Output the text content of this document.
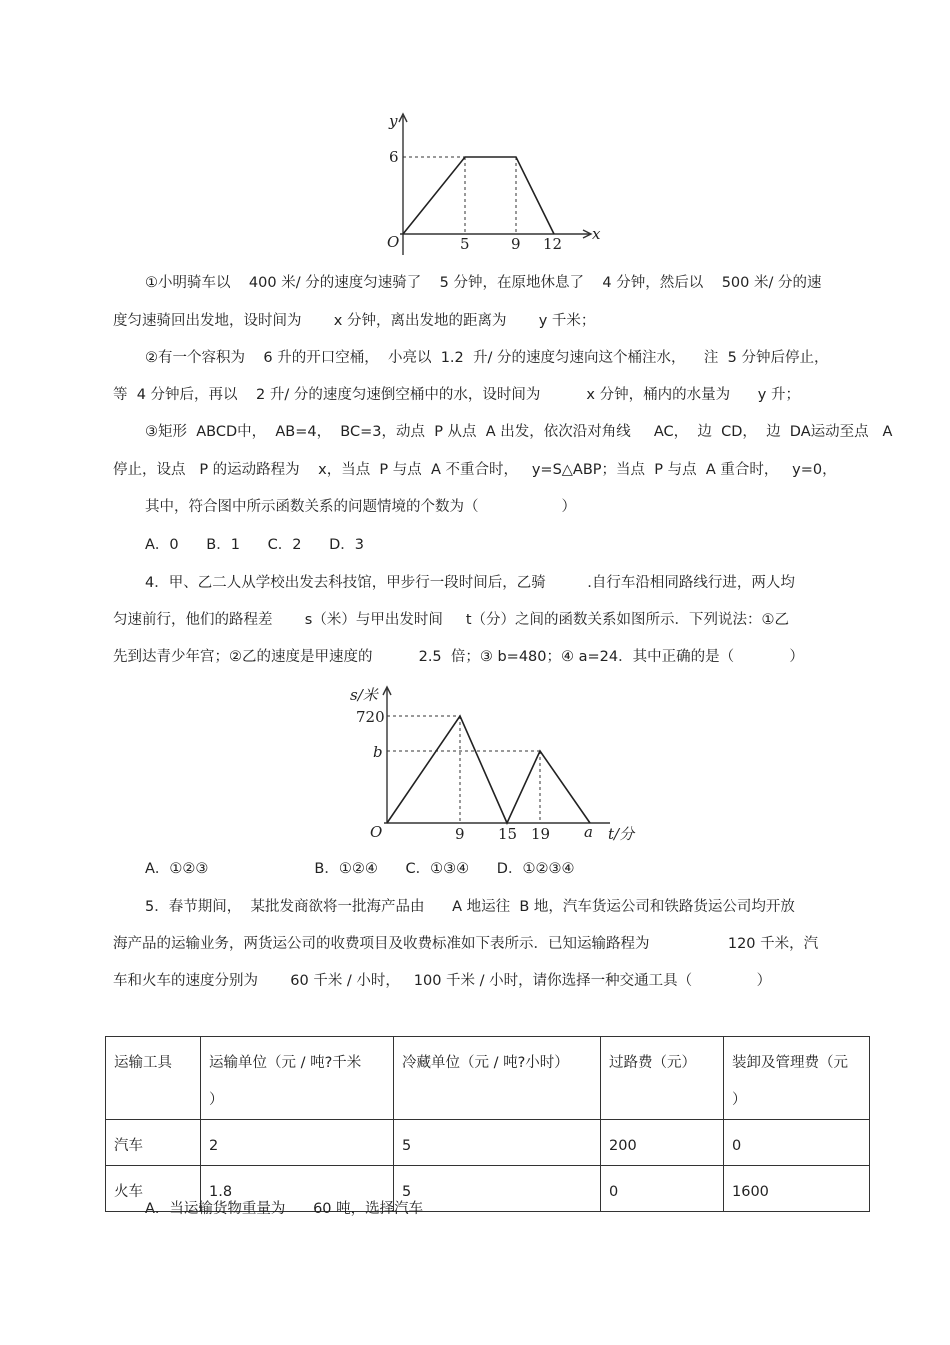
y
x
O
6
5	9 12
①小明骑车以    400 米/ 分的速度匀速骑了    5 分钟，在原地休息了    4 分钟，然后以    500 米/ 分的速
度匀速骑回出发地，设时间为       x 分钟，离出发地的距离为       y 千米；
②有一个容积为    6 升的开口空桶，  小亮以  1.2  升/ 分的速度匀速向这个桶注水，    注  5 分钟后停止，
等  4 分钟后，再以    2 升/ 分的速度匀速倒空桶中的水，设时间为          x 分钟，桶内的水量为      y 升；
③矩形  ABCD中，  AB=4，  BC=3，动点  P 从点  A 出发，依次沿对角线     AC，  边  CD，  边  DA运动至点   A
停止，设点   P 的运动路程为    x，当点  P 与点  A 不重合时，   y=S△ABP；当点  P 与点  A 重合时，   y=0，
其中，符合图中所示函数关系的问题情境的个数为（                  ）
A．0      B．1      C．2      D．3
4．甲、乙二人从学校出发去科技馆，甲步行一段时间后，乙骑         .自行车沿相同路线行进，两人均
匀速前行，他们的路程差       s（米）与甲出发时间     t（分）之间的函数关系如图所示．下列说法：①乙
先到达青少年宫；②乙的速度是甲速度的          2.5  倍；③ b=480；④ a=24．其中正确的是（            ）
s/米
720
b
O	9 15 19 a t/分
A．①②③                       B．①②④      C．①③④      D．①②③④
5．春节期间，  某批发商欲将一批海产品由      A 地运往  B 地，汽车货运公司和铁路货运公司均开放
海产品的运输业务，两货运公司的收费项目及收费标准如下表所示．已知运输路程为                 120 千米，汽
车和火车的速度分别为       60 千米 / 小时，   100 千米 / 小时，请你选择一种交通工具（              ）
运输工具	运输单位（元 / 吨?千米
）	冷藏单位（元 / 吨?小时）	过路费（元）	装卸及管理费（元
）
汽车	2	5	200	0
火车	1.8	5	0	1600
A．当运输货物重量为      60 吨，选择汽车
